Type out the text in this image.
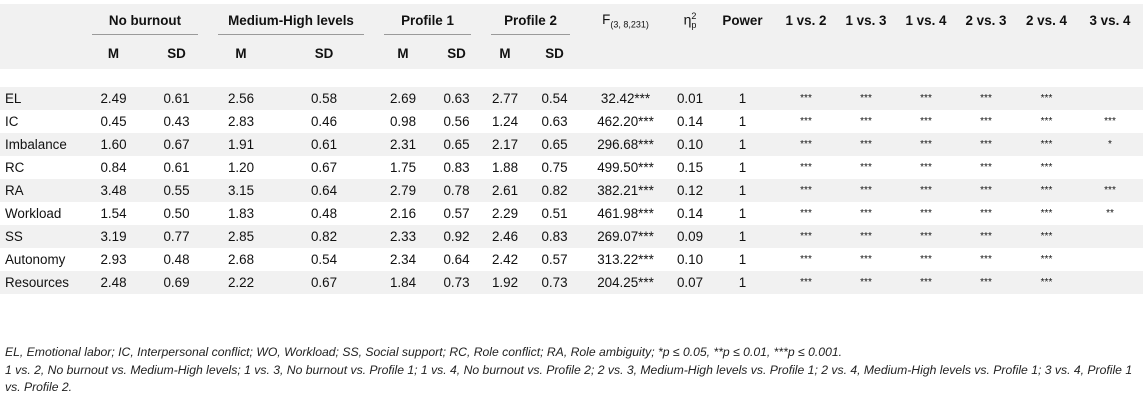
	No burnout		Medium-High levels		Profile 1		Profile 2		$F_{(3, 8,231)}$	$\eta^2_p$	Power	1 vs. 2	1 vs. 3	1 vs. 4	2 vs. 3	2 vs. 4	3 vs. 4
	M	SD	M	SD	M	SD	M	SD									

EL	2.49	0.61	2.56	0.58	2.69	0.63	2.77	0.54	32.42***	0.01	1	***	***	***	***	***	
IC	0.45	0.43	2.83	0.46	0.98	0.56	1.24	0.63	462.20***	0.14	1	***	***	***	***	***	***
Imbalance	1.60	0.67	1.91	0.61	2.31	0.65	2.17	0.65	296.68***	0.10	1	***	***	***	***	***	*
RC	0.84	0.61	1.20	0.67	1.75	0.83	1.88	0.75	499.50***	0.15	1	***	***	***	***	***	
RA	3.48	0.55	3.15	0.64	2.79	0.78	2.61	0.82	382.21***	0.12	1	***	***	***	***	***	***
Workload	1.54	0.50	1.83	0.48	2.16	0.57	2.29	0.51	461.98***	0.14	1	***	***	***	***	***	**
SS	3.19	0.77	2.85	0.82	2.33	0.92	2.46	0.83	269.07***	0.09	1	***	***	***	***	***	
Autonomy	2.93	0.48	2.68	0.54	2.34	0.64	2.42	0.57	313.22***	0.10	1	***	***	***	***	***	
Resources	2.48	0.69	2.22	0.67	1.84	0.73	1.92	0.73	204.25***	0.07	1	***	***	***	***	***	

EL, Emotional labor; IC, Interpersonal conflict; WO, Workload; SS, Social support; RC, Role conflict; RA, Role ambiguity; *p ≤ 0.05, **p ≤ 0.01, ***p ≤ 0.001.

1 vs. 2, No burnout vs. Medium-High levels; 1 vs. 3, No burnout vs. Profile 1; 1 vs. 4, No burnout vs. Profile 2; 2 vs. 3, Medium-High levels vs. Profile 1; 2 vs. 4, Medium-High levels vs. Profile 1; 3 vs. 4, Profile 1 vs. Profile 2.
